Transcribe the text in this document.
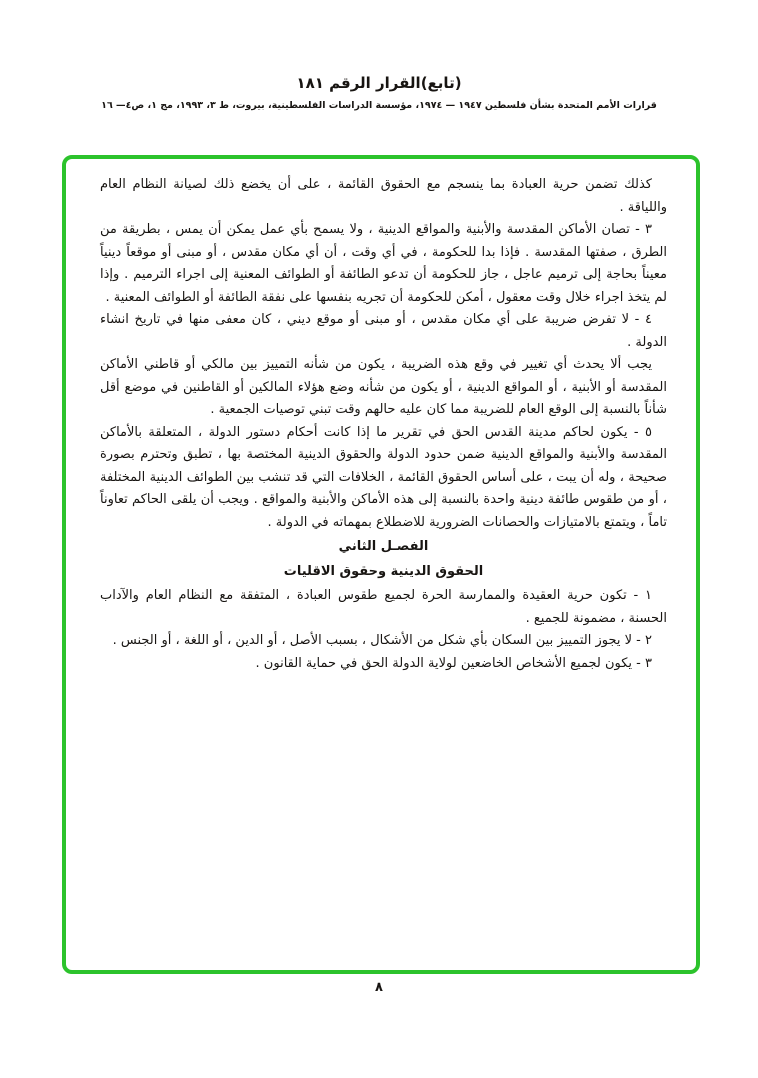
(تابع)القرار الرقم ١٨١
قرارات الأمم المتحدة بشأن فلسطين ١٩٤٧ — ١٩٧٤، مؤسسة الدراسات الفلسطينية، بيروت، ط ٣، ١٩٩٣، مج ١، ص٤— ١٦

كذلك تضمن حرية العبادة بما ينسجم مع الحقوق القائمة ، على أن يخضع ذلك لصيانة النظام العام واللياقة .

٣ - تصان الأماكن المقدسة والأبنية والمواقع الدينية ، ولا يسمح بأي عمل يمكن أن يمس ، بطريقة من الطرق ، صفتها المقدسة . فإذا بدا للحكومة ، في أي وقت ، أن أي مكان مقدس ، أو مبنى أو موقعاً دينياً معيناً بحاجة إلى ترميم عاجل ، جاز للحكومة أن تدعو الطائفة أو الطوائف المعنية إلى اجراء الترميم . وإذا لم يتخذ اجراء خلال وقت معقول ، أمكن للحكومة أن تجريه بنفسها على نفقة الطائفة أو الطوائف المعنية .

٤ - لا تفرض ضريبة على أي مكان مقدس ، أو مبنى أو موقع ديني ، كان معفى منها في تاريخ انشاء الدولة .

يجب ألا يحدث أي تغيير في وقع هذه الضريبة ، يكون من شأنه التمييز بين مالكي أو قاطني الأماكن المقدسة أو الأبنية ، أو المواقع الدينية ، أو يكون من شأنه وضع هؤلاء المالكين أو القاطنين في موضع أقل شأناً بالنسبة إلى الوقع العام للضريبة مما كان عليه حالهم وقت تبني توصيات الجمعية .

٥ - يكون لحاكم مدينة القدس الحق في تقرير ما إذا كانت أحكام دستور الدولة ، المتعلقة بالأماكن المقدسة والأبنية والمواقع الدينية ضمن حدود الدولة والحقوق الدينية المختصة بها ، تطبق وتحترم بصورة صحيحة ، وله أن يبت ، على أساس الحقوق القائمة ، الخلافات التي قد تنشب بين الطوائف الدينية المختلفة ، أو من طقوس طائفة دينية واحدة بالنسبة إلى هذه الأماكن والأبنية والمواقع . ويجب أن يلقى الحاكم تعاوناً تاماً ، ويتمتع بالامتيازات والحصانات الضرورية للاضطلاع بمهماته في الدولة .

الفصـل الثاني

الحقوق الدينية وحقوق الاقليات

١ - تكون حرية العقيدة والممارسة الحرة لجميع طقوس العبادة ، المتفقة مع النظام العام والآداب الحسنة ، مضمونة للجميع .

٢ - لا يجوز التمييز بين السكان بأي شكل من الأشكال ، بسبب الأصل ، أو الدين ، أو اللغة ، أو الجنس .

٣ - يكون لجميع الأشخاص الخاضعين لولاية الدولة الحق في حماية القانون .

٨
